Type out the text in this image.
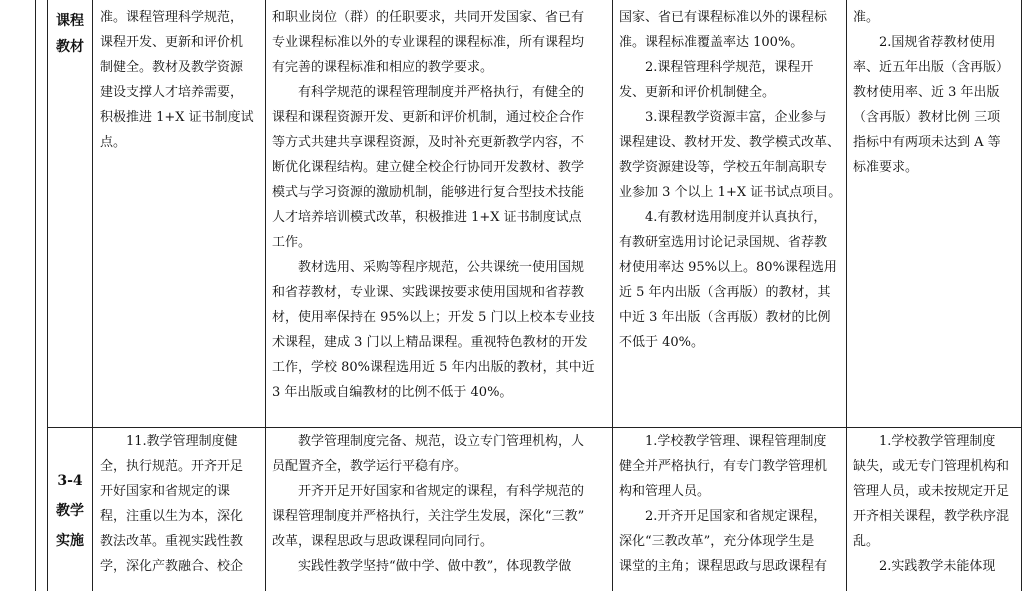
课程
教材

准。课程管理科学规范，
课程开发、更新和评价机
制健全。教材及教学资源
建设支撑人才培养需要，
积极推进 1+X 证书制度试
点。

和职业岗位（群）的任职要求，共同开发国家、省已有
专业课程标准以外的专业课程的课程标准，所有课程均
有完善的课程标准和相应的教学要求。

有科学规范的课程管理制度并严格执行，有健全的
课程和课程资源开发、更新和评价机制，通过校企合作
等方式共建共享课程资源，及时补充更新教学内容，不
断优化课程结构。建立健全校企行协同开发教材、教学
模式与学习资源的激励机制，能够进行复合型技术技能
人才培养培训模式改革，积极推进 1+X 证书制度试点
工作。

教材选用、采购等程序规范，公共课统一使用国规
和省荐教材，专业课、实践课按要求使用国规和省荐教
材，使用率保持在 95%以上；开发 5 门以上校本专业技
术课程，建成 3 门以上精品课程。重视特色教材的开发
工作，学校 80%课程选用近 5 年内出版的教材，其中近
3 年出版或自编教材的比例不低于 40%。

国家、省已有课程标准以外的课程标
准。课程标准覆盖率达 100%。

2.课程管理科学规范，课程开
发、更新和评价机制健全。

3.课程教学资源丰富，企业参与
课程建设、教材开发、教学模式改革、
教学资源建设等，学校五年制高职专
业参加 3 个以上 1+X 证书试点项目。

4.有教材选用制度并认真执行，
有教研室选用讨论记录国规、省荐教
材使用率达 95%以上。80%课程选用
近 5 年内出版（含再版）的教材，其
中近 3 年出版（含再版）教材的比例
不低于 40%。

准。

2.国规省荐教材使用
率、近五年出版（含再版）
教材使用率、近 3 年出版
（含再版）教材比例 三项
指标中有两项未达到 A 等
标准要求。

3-4
教学
实施

11.教学管理制度健
全，执行规范。开齐开足
开好国家和省规定的课
程，注重以生为本，深化
教法改革。重视实践性教
学，深化产教融合、校企

教学管理制度完备、规范，设立专门管理机构，人
员配置齐全，教学运行平稳有序。

开齐开足开好国家和省规定的课程，有科学规范的
课程管理制度并严格执行，关注学生发展，深化“三教”
改革，课程思政与思政课程同向同行。

实践性教学坚持“做中学、做中教”，体现教学做

1.学校教学管理、课程管理制度
健全并严格执行，有专门教学管理机
构和管理人员。

2.开齐开足国家和省规定课程，
深化“三教改革”，充分体现学生是
课堂的主角；课程思政与思政课程有

1.学校教学管理制度
缺失，或无专门管理机构和
管理人员，或未按规定开足
开齐相关课程，教学秩序混
乱。

2.实践教学未能体现
